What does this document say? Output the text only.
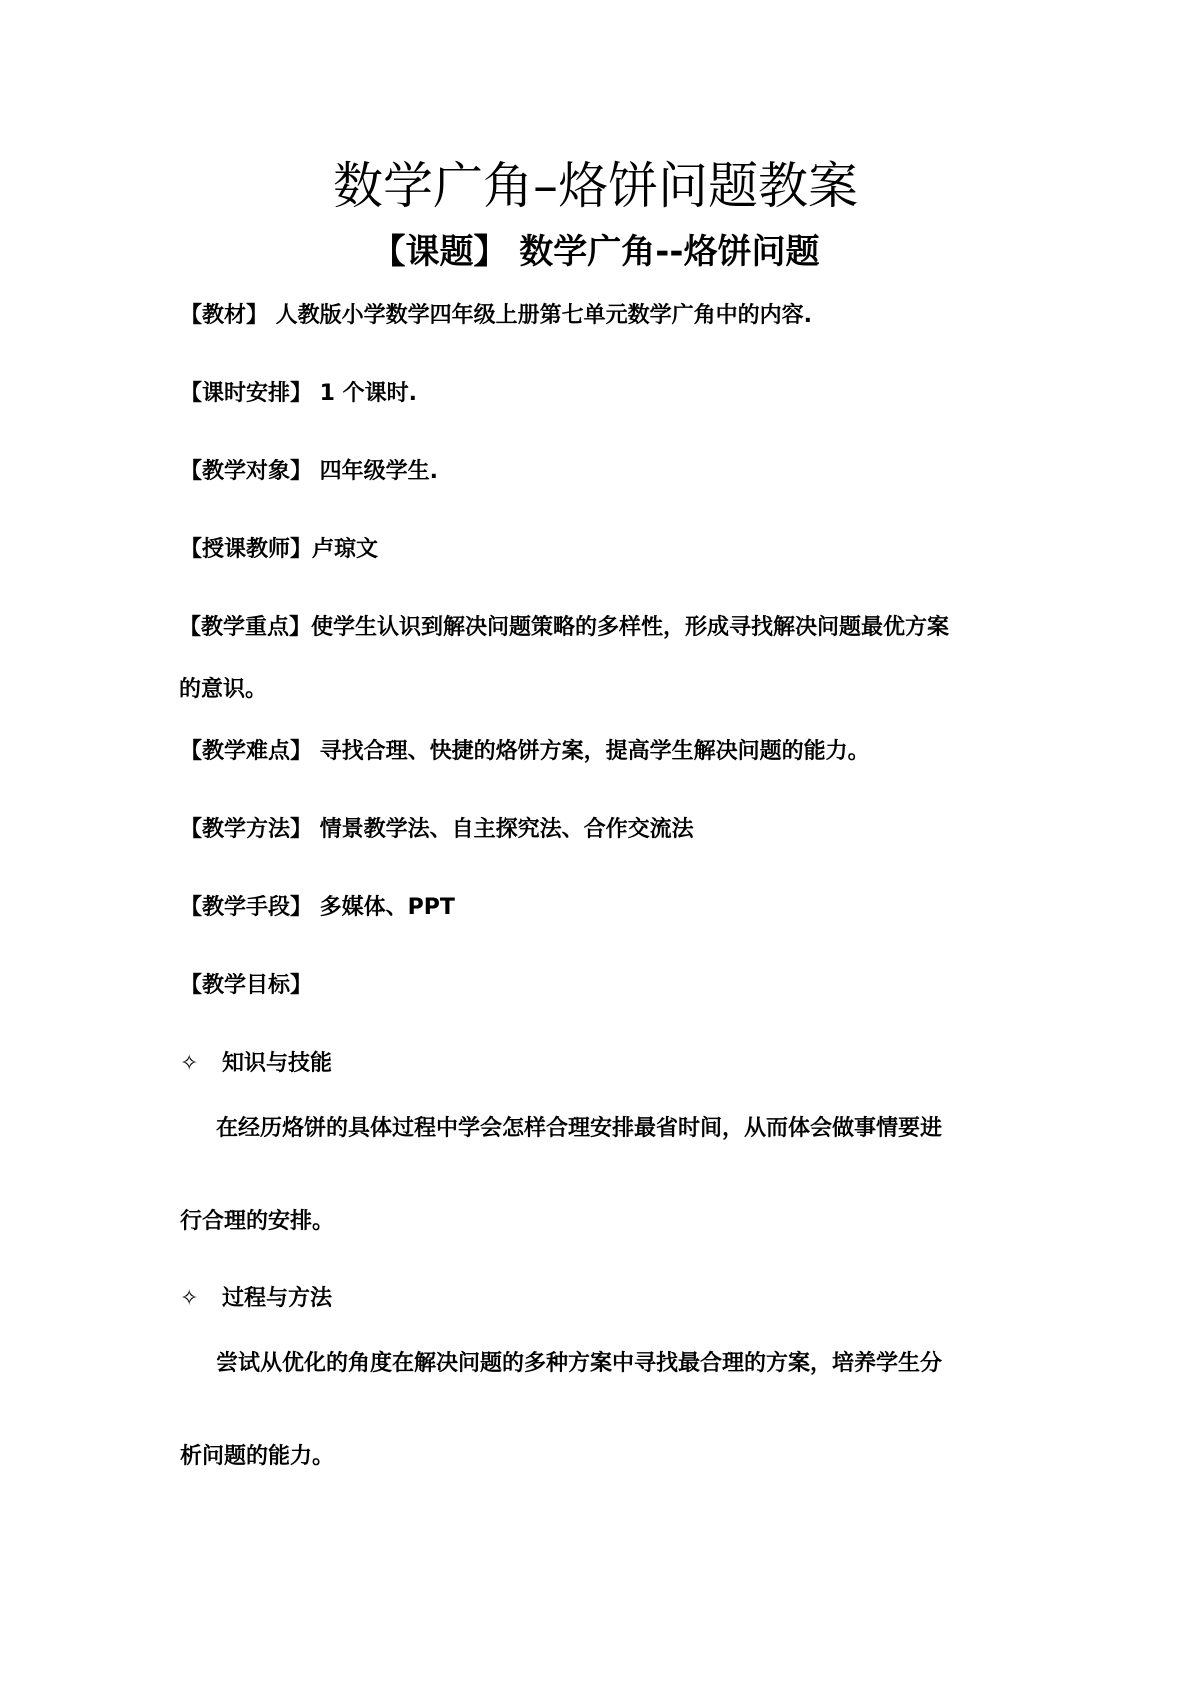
数学广角–烙饼问题教案
【课题】 数学广角--烙饼问题
【教材】 人教版小学数学四年级上册第七单元数学广角中的内容.
【课时安排】 1 个课时.
【教学对象】 四年级学生.
【授课教师】卢琼文
【教学重点】使学生认识到解决问题策略的多样性，形成寻找解决问题最优方案
的意识。
【教学难点】 寻找合理、快捷的烙饼方案，提高学生解决问题的能力。
【教学方法】 情景教学法、自主探究法、合作交流法
【教学手段】 多媒体、PPT
【教学目标】
✧ 知识与技能
在经历烙饼的具体过程中学会怎样合理安排最省时间，从而体会做事情要进
行合理的安排。
✧ 过程与方法
尝试从优化的角度在解决问题的多种方案中寻找最合理的方案，培养学生分
析问题的能力。
